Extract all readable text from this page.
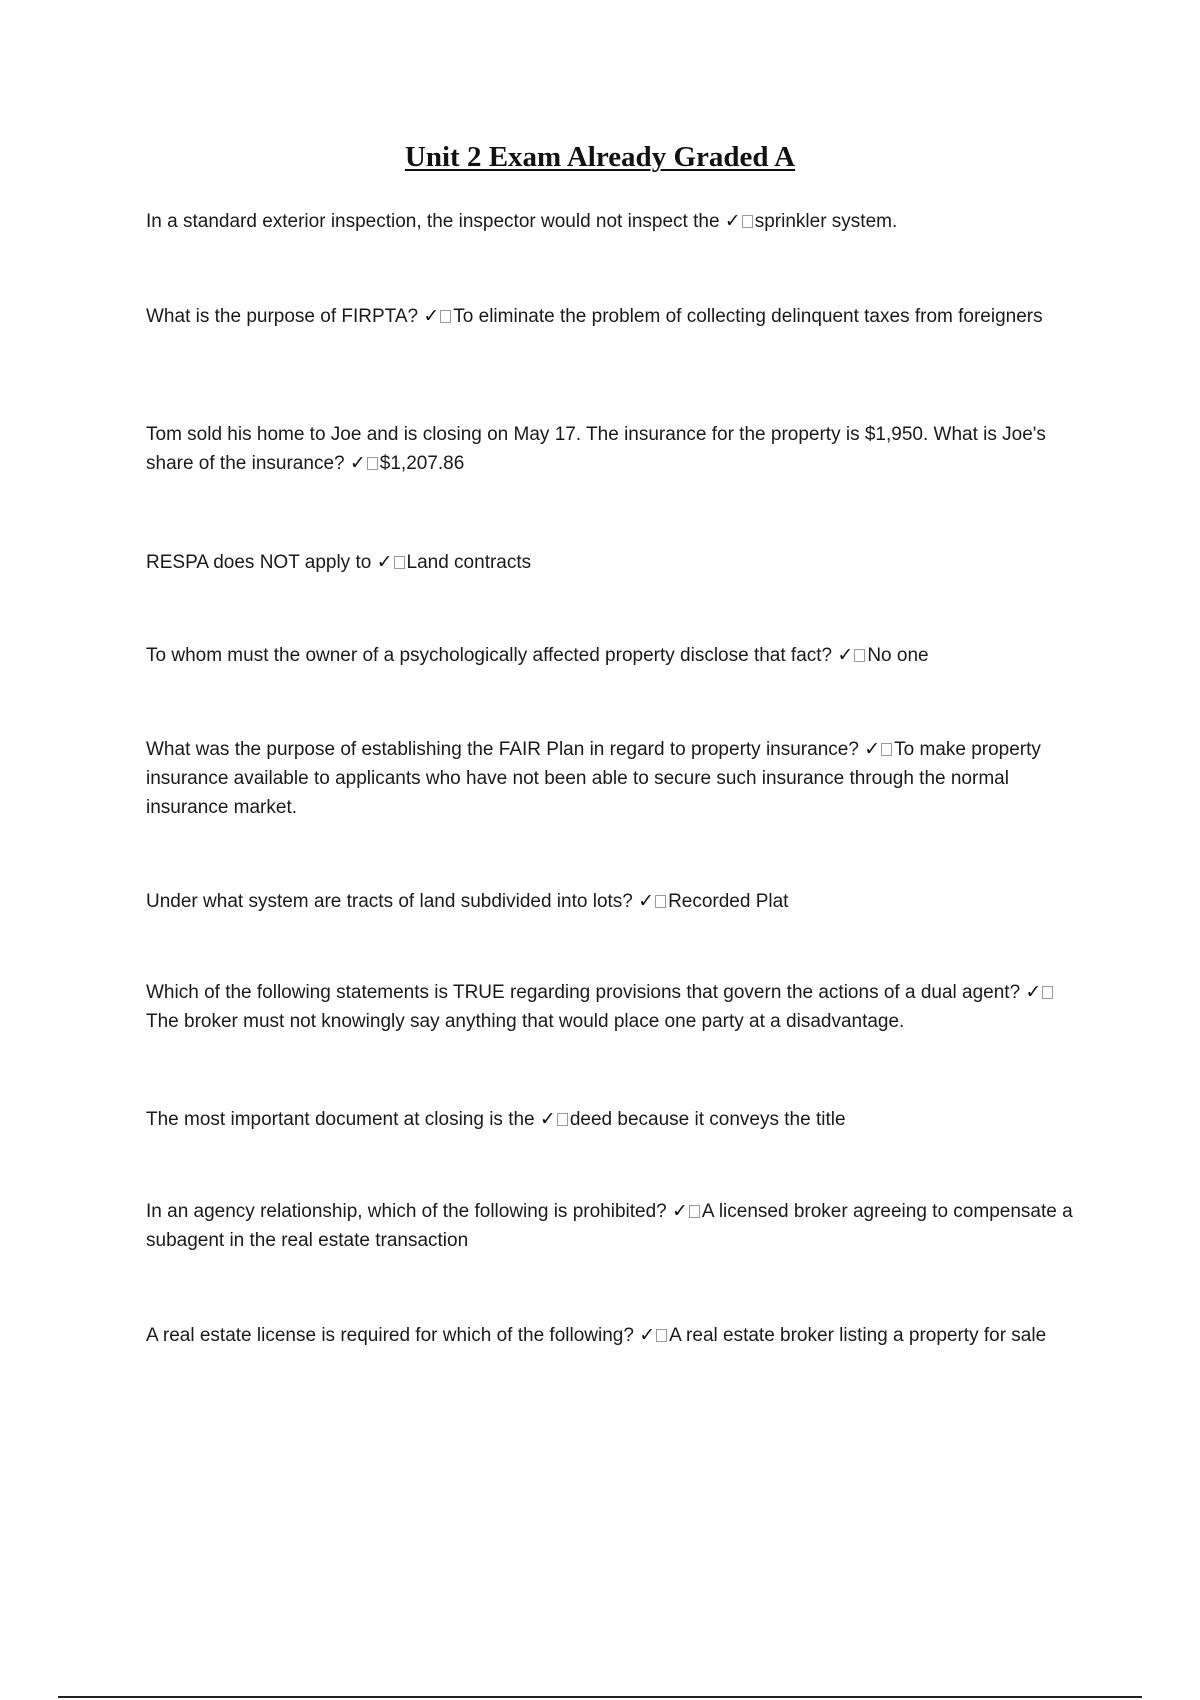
Unit 2 Exam Already Graded A
In a standard exterior inspection, the inspector would not inspect the ✓ sprinkler system.
What is the purpose of FIRPTA? ✓ To eliminate the problem of collecting delinquent taxes from foreigners
Tom sold his home to Joe and is closing on May 17. The insurance for the property is $1,950. What is Joe's share of the insurance? ✓ $1,207.86
RESPA does NOT apply to ✓ Land contracts
To whom must the owner of a psychologically affected property disclose that fact? ✓ No one
What was the purpose of establishing the FAIR Plan in regard to property insurance? ✓ To make property insurance available to applicants who have not been able to secure such insurance through the normal insurance market.
Under what system are tracts of land subdivided into lots? ✓ Recorded Plat
Which of the following statements is TRUE regarding provisions that govern the actions of a dual agent? ✓The broker must not knowingly say anything that would place one party at a disadvantage.
The most important document at closing is the ✓ deed because it conveys the title
In an agency relationship, which of the following is prohibited? ✓ A licensed broker agreeing to compensate a subagent in the real estate transaction
A real estate license is required for which of the following? ✓ A real estate broker listing a property for sale
